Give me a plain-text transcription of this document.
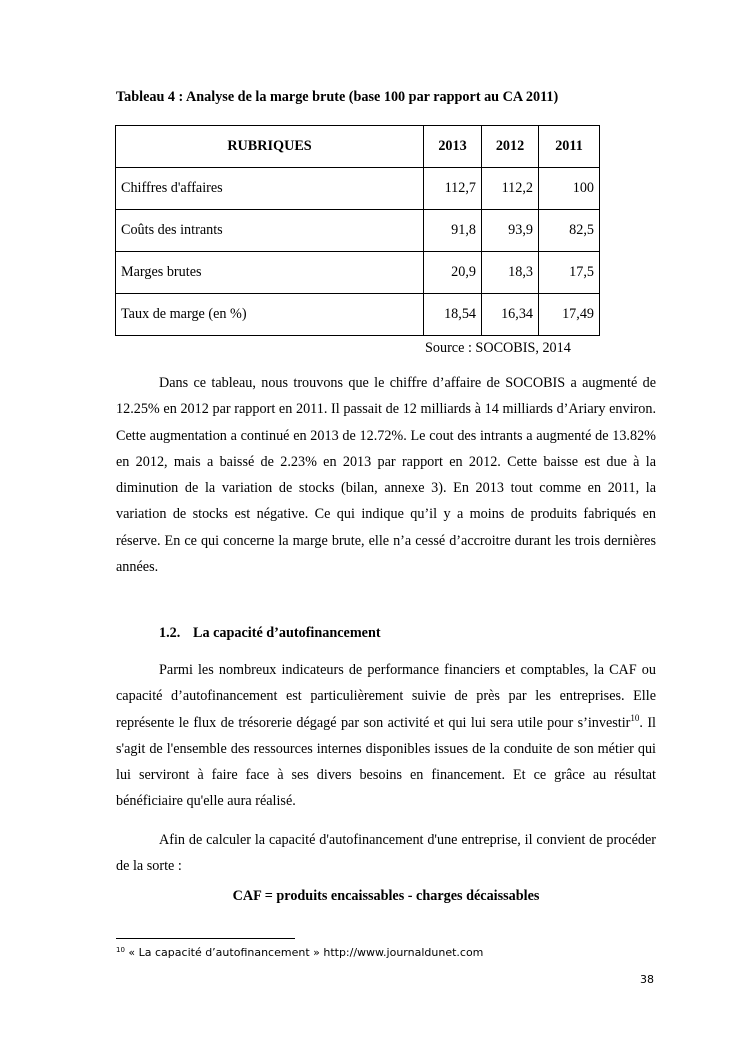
Tableau 4 : Analyse de la marge brute (base 100 par rapport au CA 2011)
RUBRIQUES	2013	2012	2011
Chiffres d'affaires	112,7	112,2	100
Coûts des intrants	91,8	93,9	82,5
Marges brutes	20,9	18,3	17,5
Taux de marge (en %)	18,54	16,34	17,49
Source : SOCOBIS, 2014

Dans ce tableau, nous trouvons que le chiffre d’affaire de SOCOBIS a augmenté de 12.25% en 2012 par rapport en 2011. Il passait de 12 milliards à 14 milliards d’Ariary environ. Cette augmentation a continué en 2013 de 12.72%. Le cout des intrants a augmenté de 13.82% en 2012, mais a baissé de 2.23% en 2013 par rapport en 2012. Cette baisse est due à la diminution de la variation de stocks (bilan, annexe 3). En 2013 tout comme en 2011, la variation de stocks est négative. Ce qui indique qu’il y a moins de produits fabriqués en réserve. En ce qui concerne la marge brute, elle n’a cessé d’accroitre durant les trois dernières années.

1.2. La capacité d’autofinancement

Parmi les nombreux indicateurs de performance financiers et comptables, la CAF ou capacité d’autofinancement est particulièrement suivie de près par les entreprises. Elle représente le flux de trésorerie dégagé par son activité et qui lui sera utile pour s’investir$^{10}$. Il s'agit de l'ensemble des ressources internes disponibles issues de la conduite de son métier qui lui serviront à faire face à ses divers besoins en financement. Et ce grâce au résultat bénéficiaire qu'elle aura réalisé.

Afin de calculer la capacité d'autofinancement d'une entreprise, il convient de procéder de la sorte :

CAF = produits encaissables - charges décaissables
$^{10}$ « La capacité d’autofinancement » http://www.journaldunet.com
38
